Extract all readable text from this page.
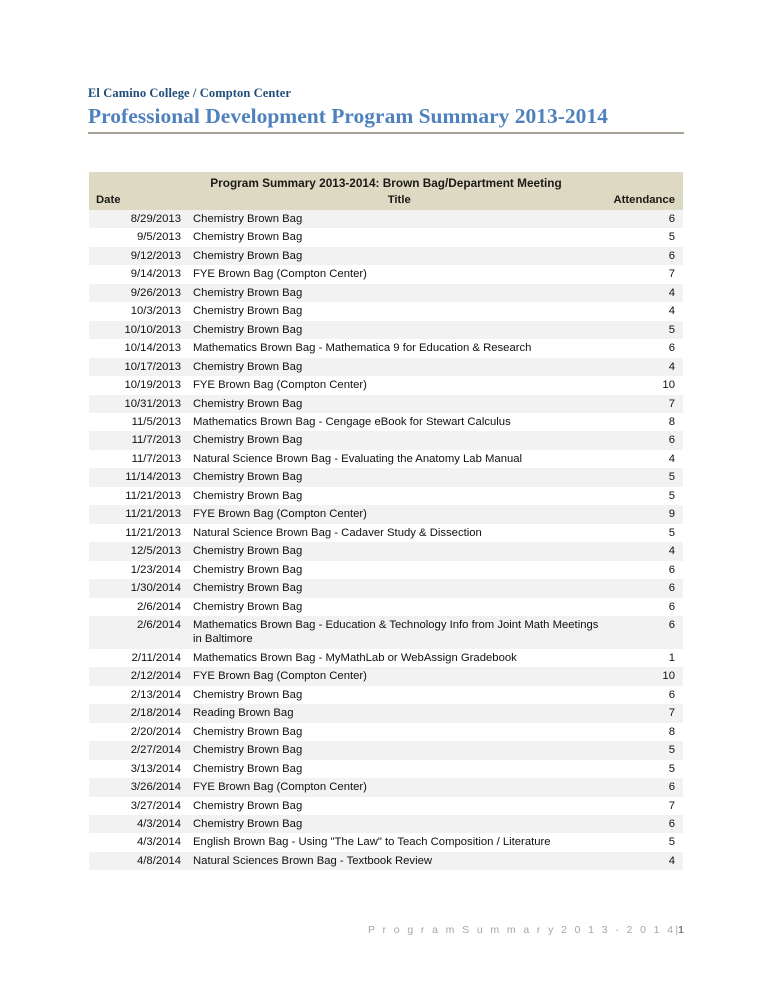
El Camino College / Compton Center
Professional Development Program Summary 2013-2014
Program Summary 2013-2014: Brown Bag/Department Meeting		
Date	Title	Attendance
8/29/2013	Chemistry Brown Bag	6
9/5/2013	Chemistry Brown Bag	5
9/12/2013	Chemistry Brown Bag	6
9/14/2013	FYE Brown Bag (Compton Center)	7
9/26/2013	Chemistry Brown Bag	4
10/3/2013	Chemistry Brown Bag	4
10/10/2013	Chemistry Brown Bag	5
10/14/2013	Mathematics Brown Bag - Mathematica 9 for Education & Research	6
10/17/2013	Chemistry Brown Bag	4
10/19/2013	FYE Brown Bag (Compton Center)	10
10/31/2013	Chemistry Brown Bag	7
11/5/2013	Mathematics Brown Bag - Cengage eBook for Stewart Calculus	8
11/7/2013	Chemistry Brown Bag	6
11/7/2013	Natural Science Brown Bag - Evaluating the Anatomy Lab Manual	4
11/14/2013	Chemistry Brown Bag	5
11/21/2013	Chemistry Brown Bag	5
11/21/2013	FYE Brown Bag (Compton Center)	9
11/21/2013	Natural Science Brown Bag - Cadaver Study & Dissection	5
12/5/2013	Chemistry Brown Bag	4
1/23/2014	Chemistry Brown Bag	6
1/30/2014	Chemistry Brown Bag	6
2/6/2014	Chemistry Brown Bag	6
2/6/2014	Mathematics Brown Bag - Education & Technology Info from Joint Math Meetings in Baltimore	6
2/11/2014	Mathematics Brown Bag - MyMathLab or WebAssign Gradebook	1
2/12/2014	FYE Brown Bag (Compton Center)	10
2/13/2014	Chemistry Brown Bag	6
2/18/2014	Reading Brown Bag	7
2/20/2014	Chemistry Brown Bag	8
2/27/2014	Chemistry Brown Bag	5
3/13/2014	Chemistry Brown Bag	5
3/26/2014	FYE Brown Bag (Compton Center)	6
3/27/2014	Chemistry Brown Bag	7
4/3/2014	Chemistry Brown Bag	6
4/3/2014	English Brown Bag - Using "The Law" to Teach Composition / Literature	5
4/8/2014	Natural Sciences Brown Bag - Textbook Review	4
P r o g r a m S u m m a r y 2 0 1 3 - 2 0 1 4|1
